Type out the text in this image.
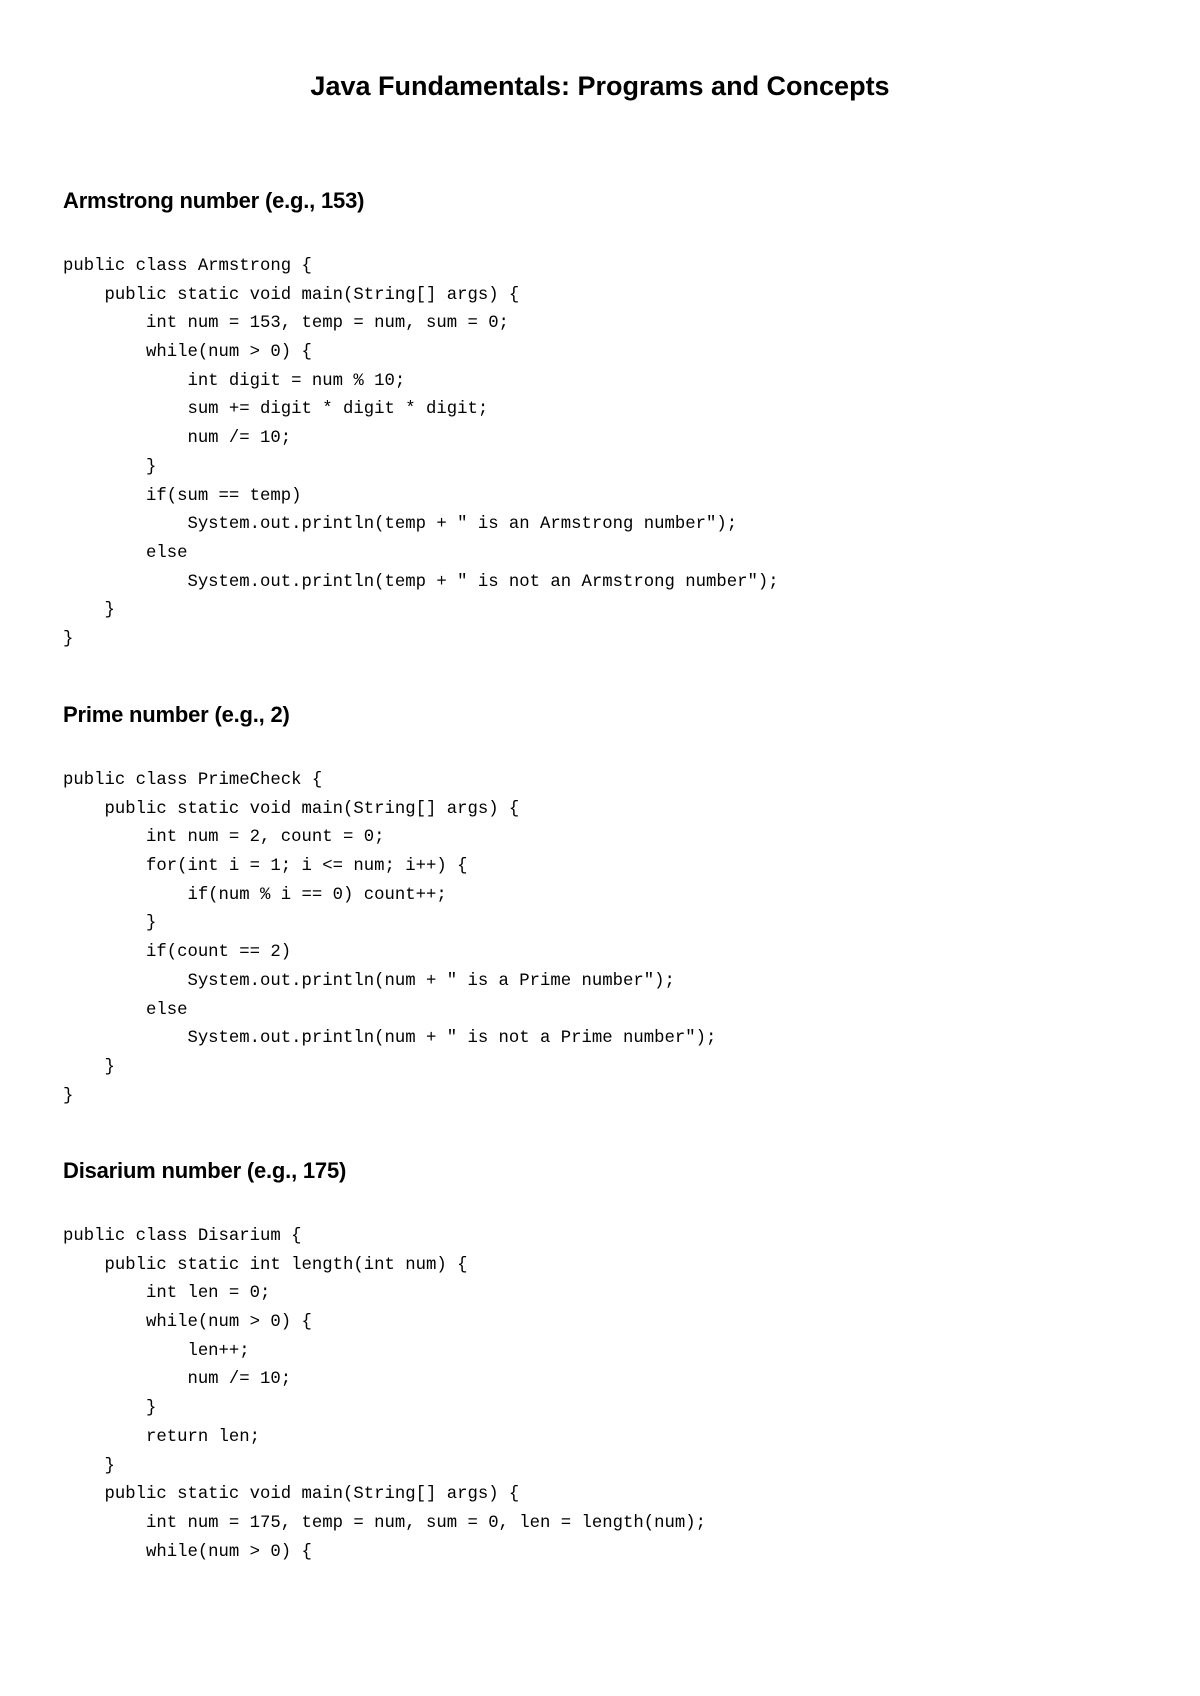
Java Fundamentals: Programs and Concepts
Armstrong number (e.g., 153)
public class Armstrong {
public static void main(String[] args) {
int num = 153, temp = num, sum = 0;
while(num > 0) {
int digit = num % 10;
sum += digit * digit * digit;
num /= 10;
}
if(sum == temp)
System.out.println(temp + " is an Armstrong number");
else
System.out.println(temp + " is not an Armstrong number");
}
}
Prime number (e.g., 2)
public class PrimeCheck {
public static void main(String[] args) {
int num = 2, count = 0;
for(int i = 1; i <= num; i++) {
if(num % i == 0) count++;
}
if(count == 2)
System.out.println(num + " is a Prime number");
else
System.out.println(num + " is not a Prime number");
}
}
Disarium number (e.g., 175)
public class Disarium {
public static int length(int num) {
int len = 0;
while(num > 0) {
len++;
num /= 10;
}
return len;
}
public static void main(String[] args) {
int num = 175, temp = num, sum = 0, len = length(num);
while(num > 0) {
